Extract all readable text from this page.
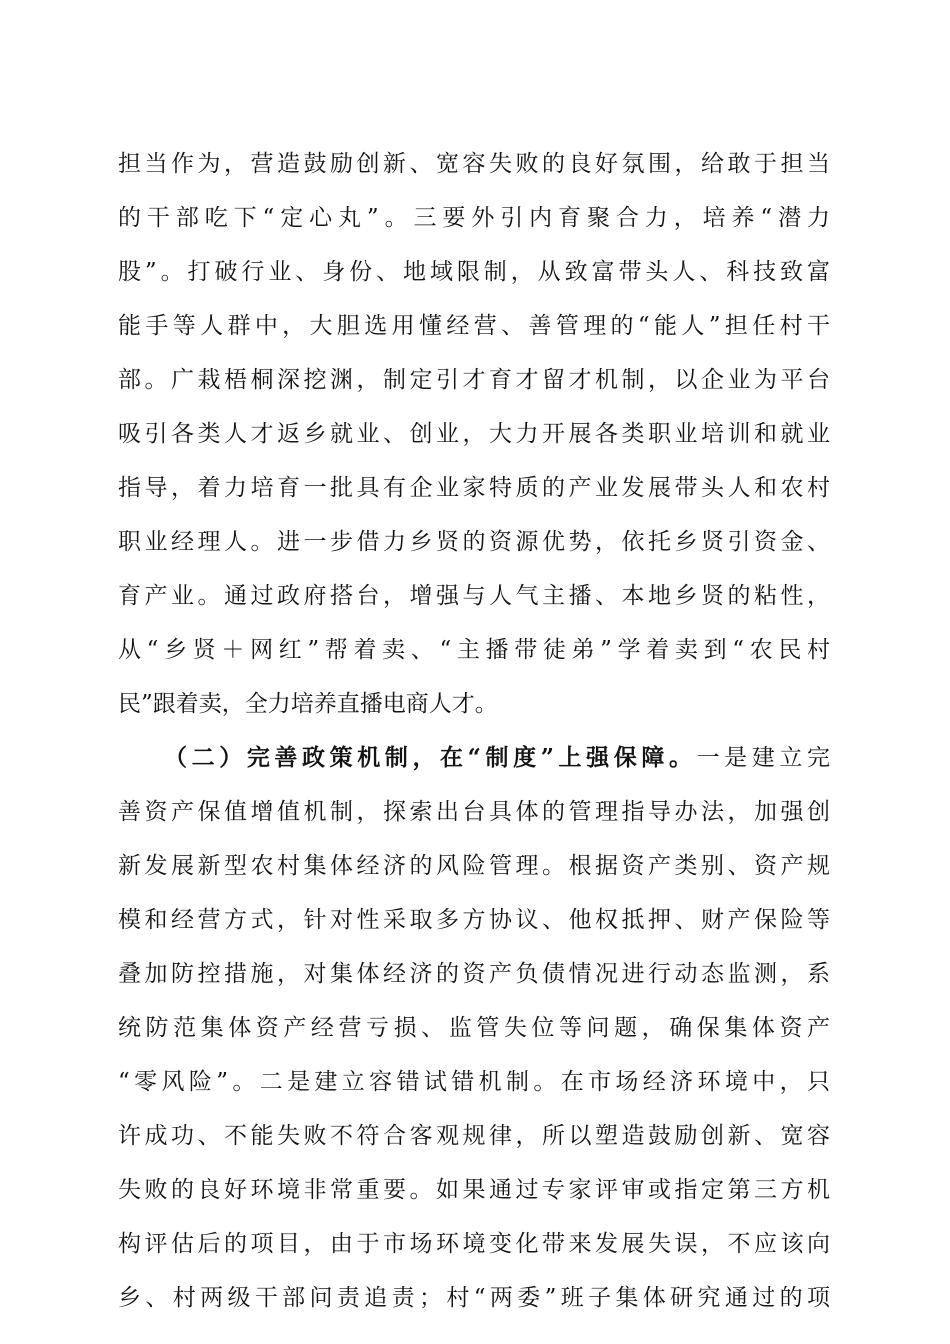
担当作为，营造鼓励创新、宽容失败的良好氛围，给敢于担当
的干部吃下“定心丸”。三要外引内育聚合力，培养“潜力
股”。打破行业、身份、地域限制，从致富带头人、科技致富
能手等人群中，大胆选用懂经营、善管理的“能人”担任村干
部。广栽梧桐深挖渊，制定引才育才留才机制，以企业为平台
吸引各类人才返乡就业、创业，大力开展各类职业培训和就业
指导，着力培育一批具有企业家特质的产业发展带头人和农村
职业经理人。进一步借力乡贤的资源优势，依托乡贤引资金、
育产业。通过政府搭台，增强与人气主播、本地乡贤的粘性，
从“乡贤＋网红”帮着卖、“主播带徒弟”学着卖到“农民村
民”跟着卖，全力培养直播电商人才。
（二）完善政策机制，在“制度”上强保障。一是建立完
善资产保值增值机制，探索出台具体的管理指导办法，加强创
新发展新型农村集体经济的风险管理。根据资产类别、资产规
模和经营方式，针对性采取多方协议、他权抵押、财产保险等
叠加防控措施，对集体经济的资产负债情况进行动态监测，系
统防范集体资产经营亏损、监管失位等问题，确保集体资产
“零风险”。二是建立容错试错机制。在市场经济环境中，只
许成功、不能失败不符合客观规律，所以塑造鼓励创新、宽容
失败的良好环境非常重要。如果通过专家评审或指定第三方机
构评估后的项目，由于市场环境变化带来发展失误，不应该向
乡、村两级干部问责追责；村“两委”班子集体研究通过的项
